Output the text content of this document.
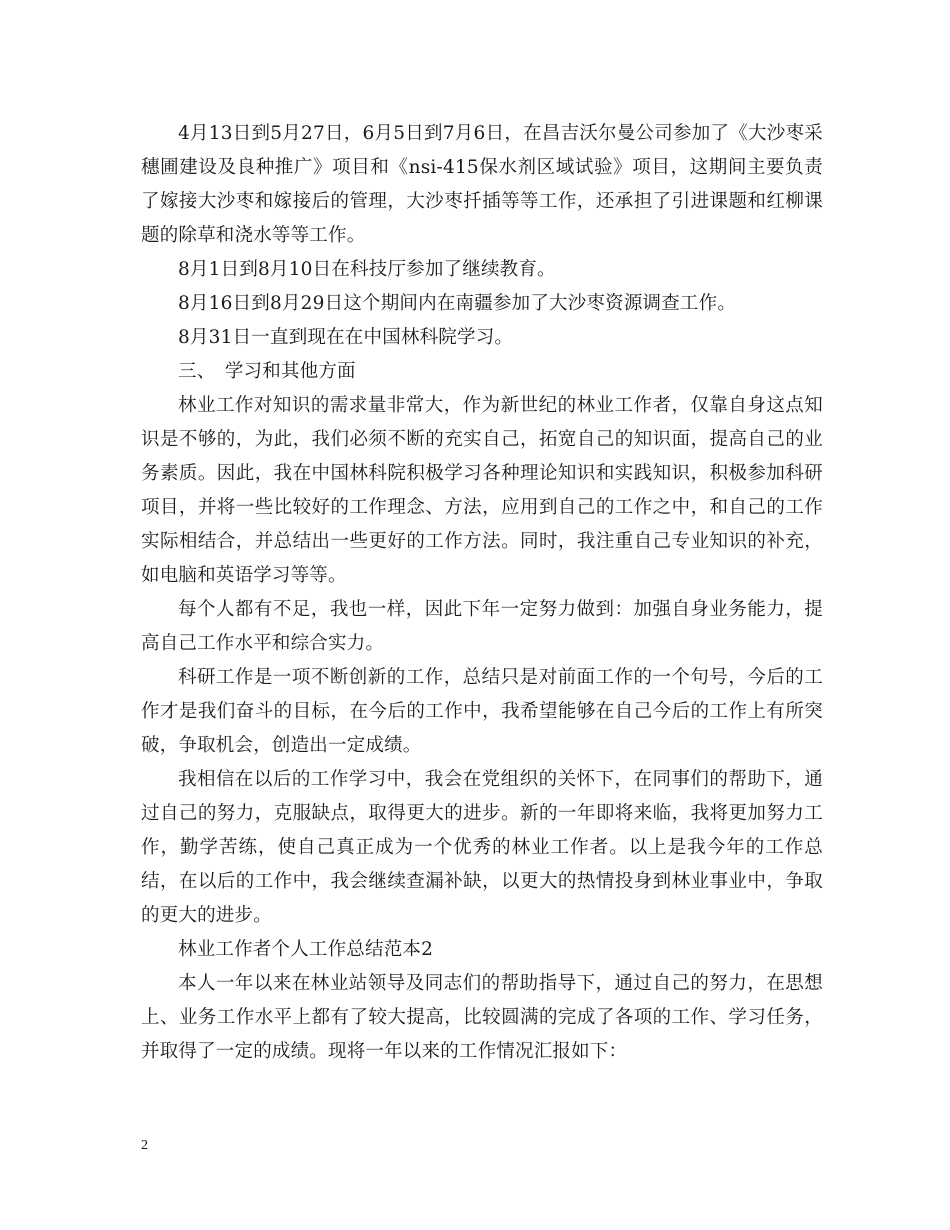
4月13日到5月27日，6月5日到7月6日，在昌吉沃尔曼公司参加了《大沙枣采穗圃建设及良种推广》项目和《nsi-415保水剂区域试验》项目，这期间主要负责了嫁接大沙枣和嫁接后的管理，大沙枣扦插等等工作，还承担了引进课题和红柳课题的除草和浇水等等工作。

8月1日到8月10日在科技厅参加了继续教育。

8月16日到8月29日这个期间内在南疆参加了大沙枣资源调查工作。

8月31日一直到现在在中国林科院学习。

三、　学习和其他方面

林业工作对知识的需求量非常大，作为新世纪的林业工作者，仅靠自身这点知识是不够的，为此，我们必须不断的充实自己，拓宽自己的知识面，提高自己的业务素质。因此，我在中国林科院积极学习各种理论知识和实践知识，积极参加科研项目，并将一些比较好的工作理念、方法，应用到自己的工作之中，和自己的工作实际相结合，并总结出一些更好的工作方法。同时，我注重自己专业知识的补充，如电脑和英语学习等等。

每个人都有不足，我也一样，因此下年一定努力做到：加强自身业务能力，提高自己工作水平和综合实力。

科研工作是一项不断创新的工作，总结只是对前面工作的一个句号，今后的工作才是我们奋斗的目标，在今后的工作中，我希望能够在自己今后的工作上有所突破，争取机会，创造出一定成绩。

我相信在以后的工作学习中，我会在党组织的关怀下，在同事们的帮助下，通过自己的努力，克服缺点，取得更大的进步。新的一年即将来临，我将更加努力工作，勤学苦练，使自己真正成为一个优秀的林业工作者。以上是我今年的工作总结，在以后的工作中，我会继续查漏补缺，以更大的热情投身到林业事业中，争取的更大的进步。

林业工作者个人工作总结范本2

本人一年以来在林业站领导及同志们的帮助指导下，通过自己的努力，在思想上、业务工作水平上都有了较大提高，比较圆满的完成了各项的工作、学习任务，并取得了一定的成绩。现将一年以来的工作情况汇报如下：

2
